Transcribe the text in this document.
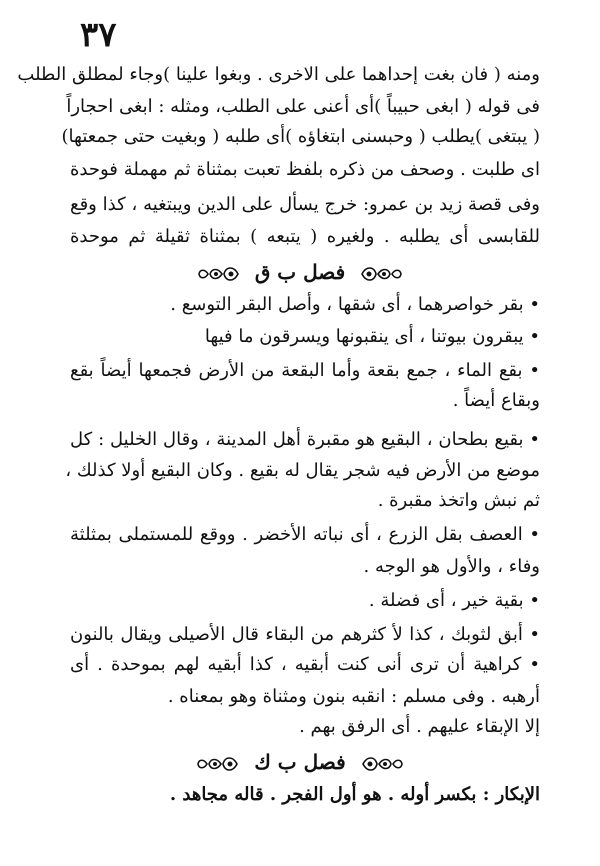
٣٧
ومنه ( فان بغت إحداهما على الاخرى . وبغوا علينا )وجاء لمطلق الطلب
فى قوله ( ابغى حبيباً )أى أعنى على الطلب، ومثله : ابغى احجاراً
( يبتغى )يطلب ( وحبسنى ابتغاؤه )أى طلبه ( وبغيت حتى جمعتها)
اى طلبت . وصحف من ذكره بلفظ تعبت بمثناة ثم مهملة فوحدة
وفى قصة زيد بن عمرو: خرج يسأل على الدين ويبتغيه ، كذا وقع
للقابسى أى يطلبه . ولغيره ( يتبعه ) بمثناة ثقيلة ثم موحدة
فصل ب ق
• بقر خواصرهما ، أى شقها ، وأصل البقر التوسع .
• يبقرون بيوتنا ، أى ينقبونها ويسرقون ما فيها
• بقع الماء ، جمع بقعة وأما البقعة من الأرض فجمعها أيضاً بقع
وبقاع أيضاً .
• بقيع بطحان ، البقيع هو مقبرة أهل المدينة ، وقال الخليل : كل
موضع من الأرض فيه شجر يقال له بقيع . وكان البقيع أولا كذلك ،
ثم نبش واتخذ مقبرة .
• العصف بقل الزرع ، أى نباته الأخضر . ووقع للمستملى بمثلثة
وفاء ، والأول هو الوجه .
• بقية خير ، أى فضلة .
• أبق لثوبك ، كذا لأ كثرهم من البقاء قال الأصيلى ويقال بالنون
• كراهية أن ترى أنى كنت أبقيه ، كذا أبقيه لهم بموحدة . أى
أرهبه . وفى مسلم : انقبه بنون ومثناة وهو بمعناه .
إلا الإبقاء عليهم . أى الرفق بهم .
فصل ب ك
الإبكار : بكسر أوله . هو أول الفجر . قاله مجاهد .
